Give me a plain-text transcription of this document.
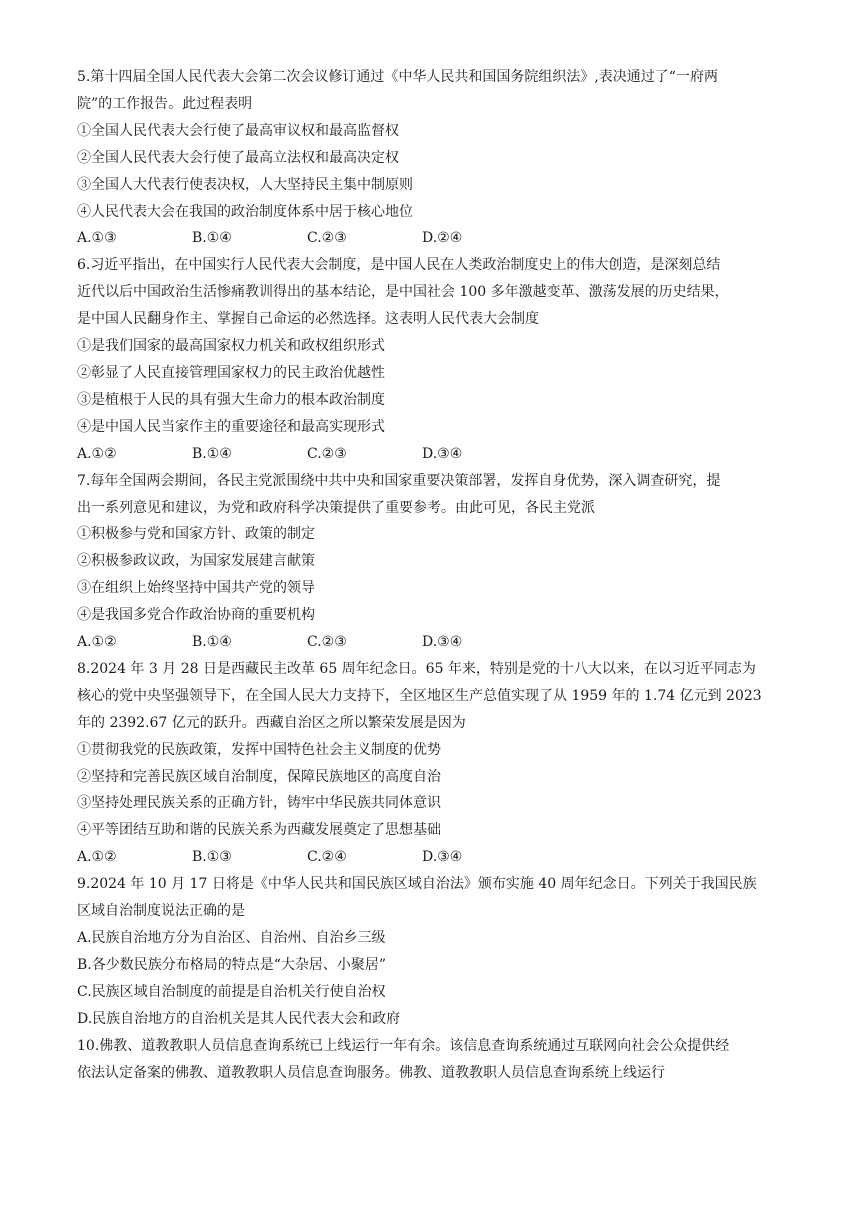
5.第十四届全国人民代表大会第二次会议修订通过《中华人民共和国国务院组织法》,表决通过了“一府两
院”的工作报告。此过程表明
①全国人民代表大会行使了最高审议权和最高监督权
②全国人民代表大会行使了最高立法权和最高决定权
③全国人大代表行使表决权，人大坚持民主集中制原则
④人民代表大会在我国的政治制度体系中居于核心地位
A.①③	B.①④	C.②③	D.②④
6.习近平指出，在中国实行人民代表大会制度，是中国人民在人类政治制度史上的伟大创造，是深刻总结
近代以后中国政治生活惨痛教训得出的基本结论，是中国社会 100 多年激越变革、激荡发展的历史结果，
是中国人民翻身作主、掌握自己命运的必然选择。这表明人民代表大会制度
①是我们国家的最高国家权力机关和政权组织形式
②彰显了人民直接管理国家权力的民主政治优越性
③是植根于人民的具有强大生命力的根本政治制度
④是中国人民当家作主的重要途径和最高实现形式
A.①②	B.①④	C.②③	D.③④
7.每年全国两会期间，各民主党派围绕中共中央和国家重要决策部署，发挥自身优势，深入调查研究，提
出一系列意见和建议，为党和政府科学决策提供了重要参考。由此可见，各民主党派
①积极参与党和国家方针、政策的制定
②积极参政议政，为国家发展建言献策
③在组织上始终坚持中国共产党的领导
④是我国多党合作政治协商的重要机构
A.①②	B.①④	C.②③	D.③④
8.2024 年 3 月 28 日是西藏民主改革 65 周年纪念日。65 年来，特别是党的十八大以来，在以习近平同志为
核心的党中央坚强领导下，在全国人民大力支持下，全区地区生产总值实现了从 1959 年的 1.74 亿元到 2023
年的 2392.67 亿元的跃升。西藏自治区之所以繁荣发展是因为
①贯彻我党的民族政策，发挥中国特色社会主义制度的优势
②坚持和完善民族区域自治制度，保障民族地区的高度自治
③坚持处理民族关系的正确方针，铸牢中华民族共同体意识
④平等团结互助和谐的民族关系为西藏发展奠定了思想基础
A.①②	B.①③	C.②④	D.③④
9.2024 年 10 月 17 日将是《中华人民共和国民族区域自治法》颁布实施 40 周年纪念日。下列关于我国民族
区域自治制度说法正确的是
A.民族自治地方分为自治区、自治州、自治乡三级
B.各少数民族分布格局的特点是“大杂居、小聚居”
C.民族区域自治制度的前提是自治机关行使自治权
D.民族自治地方的自治机关是其人民代表大会和政府
10.佛教、道教教职人员信息查询系统已上线运行一年有余。该信息查询系统通过互联网向社会公众提供经
依法认定备案的佛教、道教教职人员信息查询服务。佛教、道教教职人员信息查询系统上线运行
